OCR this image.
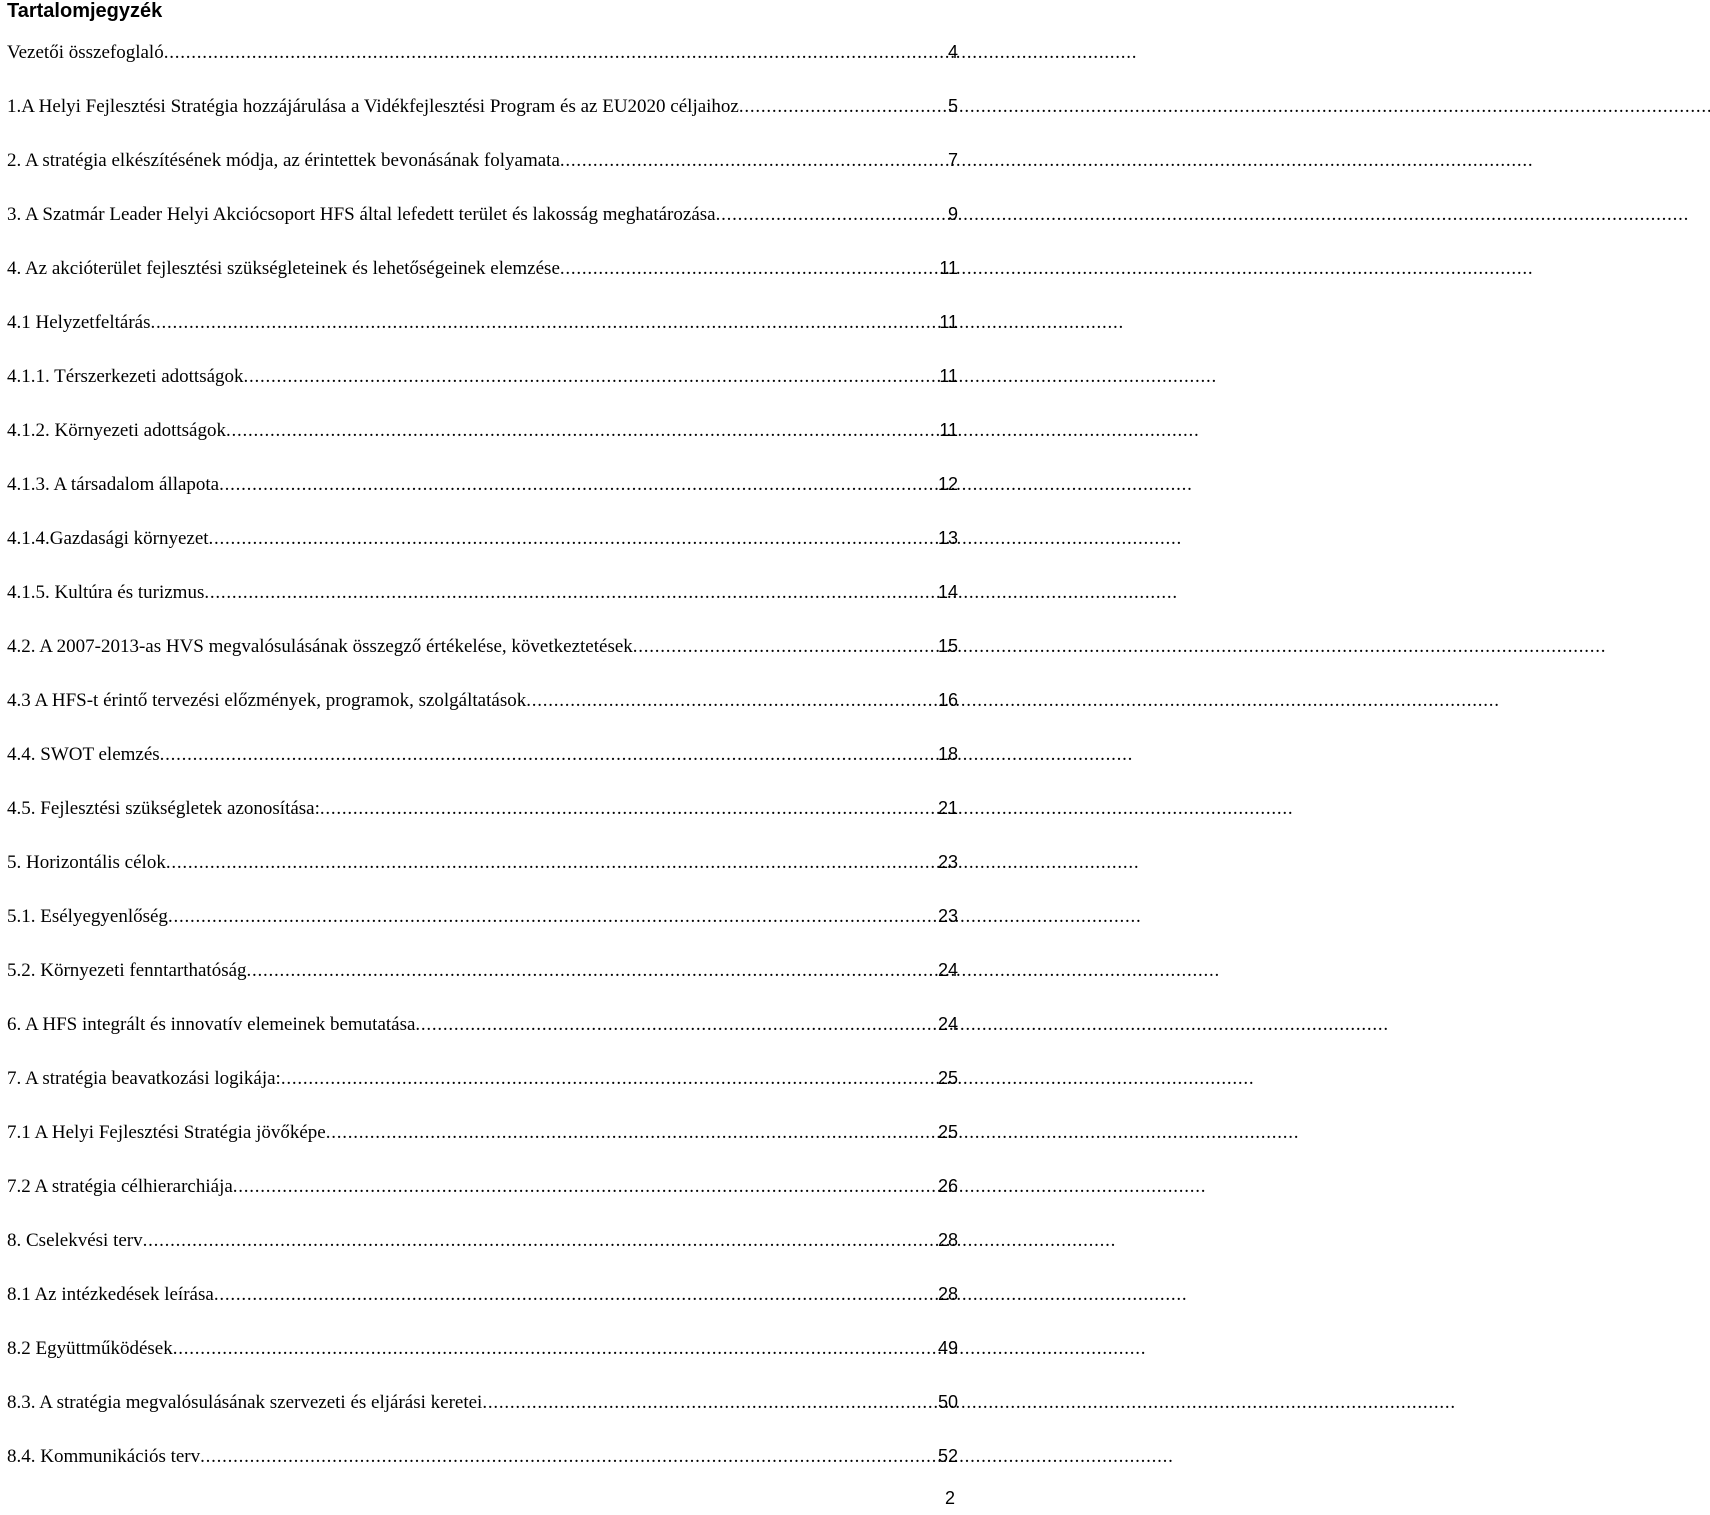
Tartalomjegyzék
Vezetői összefoglaló . . .	4
1.A Helyi Fejlesztési Stratégia hozzájárulása a Vidékfejlesztési Program és az EU2020 céljaihoz . . .	5
2. A stratégia elkészítésének módja, az érintettek bevonásának folyamata . . .	7
3. A Szatmár Leader Helyi Akciócsoport HFS által lefedett terület és lakosság meghatározása . . .	9
4. Az akcióterület fejlesztési szükségleteinek és lehetőségeinek elemzése . . .	11
4.1 Helyzetfeltárás . . .	11
4.1.1. Térszerkezeti adottságok . . .	11
4.1.2. Környezeti adottságok . . .	11
4.1.3. A társadalom állapota . . .	12
4.1.4.Gazdasági környezet . . .	13
4.1.5. Kultúra és turizmus . . .	14
4.2. A 2007-2013-as HVS megvalósulásának összegző értékelése, következtetések . . .	15
4.3 A HFS-t érintő tervezési előzmények, programok, szolgáltatások . . .	16
4.4. SWOT elemzés . . .	18
4.5. Fejlesztési szükségletek azonosítása: . . .	21
5. Horizontális célok . . .	23
5.1. Esélyegyenlőség . . .	23
5.2. Környezeti fenntarthatóság . . .	24
6. A HFS integrált és innovatív elemeinek bemutatása . . .	24
7. A stratégia beavatkozási logikája: . . .	25
7.1 A Helyi Fejlesztési Stratégia jövőképe . . .	25
7.2 A stratégia célhierarchiája . . .	26
8. Cselekvési terv . . .	28
8.1 Az intézkedések leírása . . .	28
8.2 Együttműködések . . .	49
8.3. A stratégia megvalósulásának szervezeti és eljárási keretei . . .	50
8.4. Kommunikációs terv . . .	52
2
